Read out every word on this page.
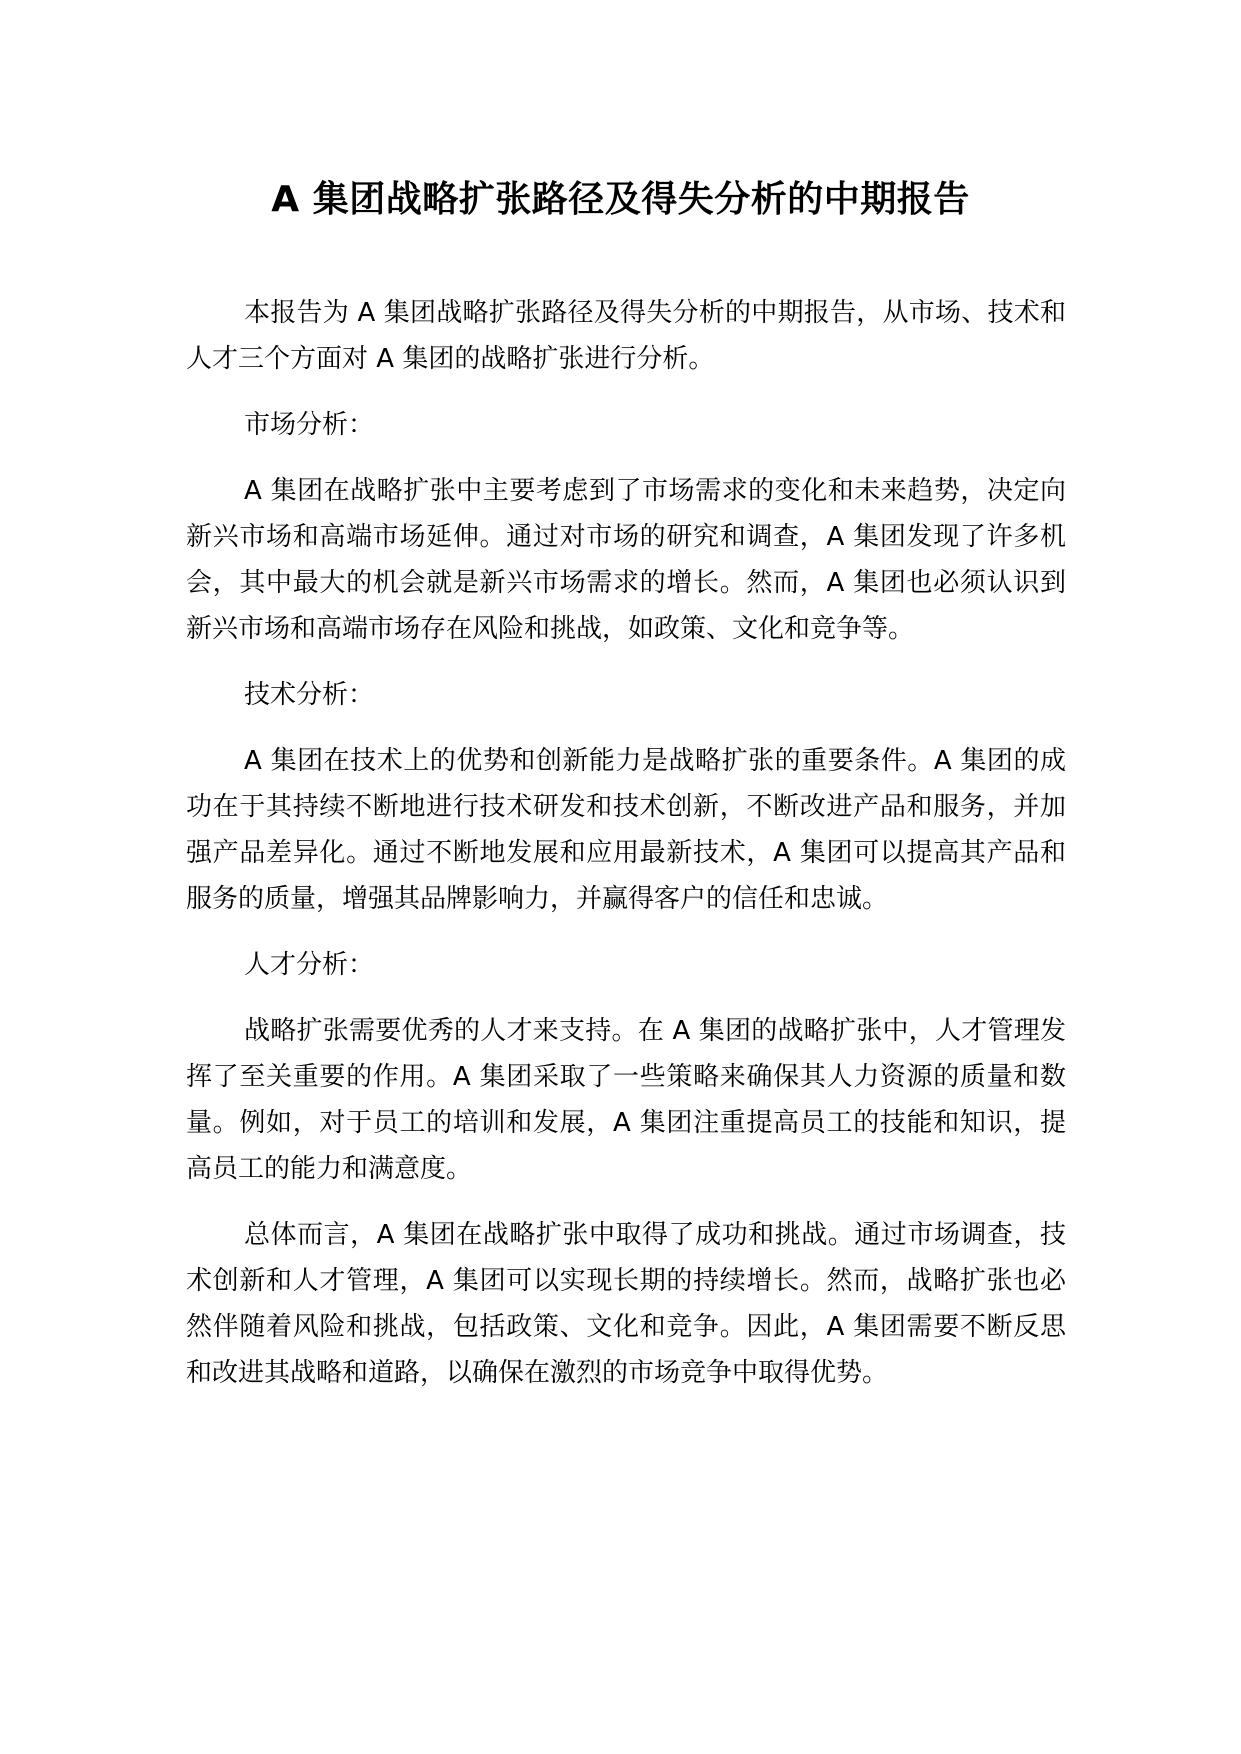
A 集团战略扩张路径及得失分析的中期报告

本报告为 A 集团战略扩张路径及得失分析的中期报告，从市场、技术和人才三个方面对 A 集团的战略扩张进行分析。

市场分析：

A 集团在战略扩张中主要考虑到了市场需求的变化和未来趋势，决定向新兴市场和高端市场延伸。通过对市场的研究和调查，A 集团发现了许多机会，其中最大的机会就是新兴市场需求的增长。然而，A 集团也必须认识到新兴市场和高端市场存在风险和挑战，如政策、文化和竞争等。

技术分析：

A 集团在技术上的优势和创新能力是战略扩张的重要条件。A 集团的成功在于其持续不断地进行技术研发和技术创新，不断改进产品和服务，并加强产品差异化。通过不断地发展和应用最新技术，A 集团可以提高其产品和服务的质量，增强其品牌影响力，并赢得客户的信任和忠诚。

人才分析：

战略扩张需要优秀的人才来支持。在 A 集团的战略扩张中，人才管理发挥了至关重要的作用。A 集团采取了一些策略来确保其人力资源的质量和数量。例如，对于员工的培训和发展，A 集团注重提高员工的技能和知识，提高员工的能力和满意度。

总体而言，A 集团在战略扩张中取得了成功和挑战。通过市场调查，技术创新和人才管理，A 集团可以实现长期的持续增长。然而，战略扩张也必然伴随着风险和挑战，包括政策、文化和竞争。因此，A 集团需要不断反思和改进其战略和道路，以确保在激烈的市场竞争中取得优势。
